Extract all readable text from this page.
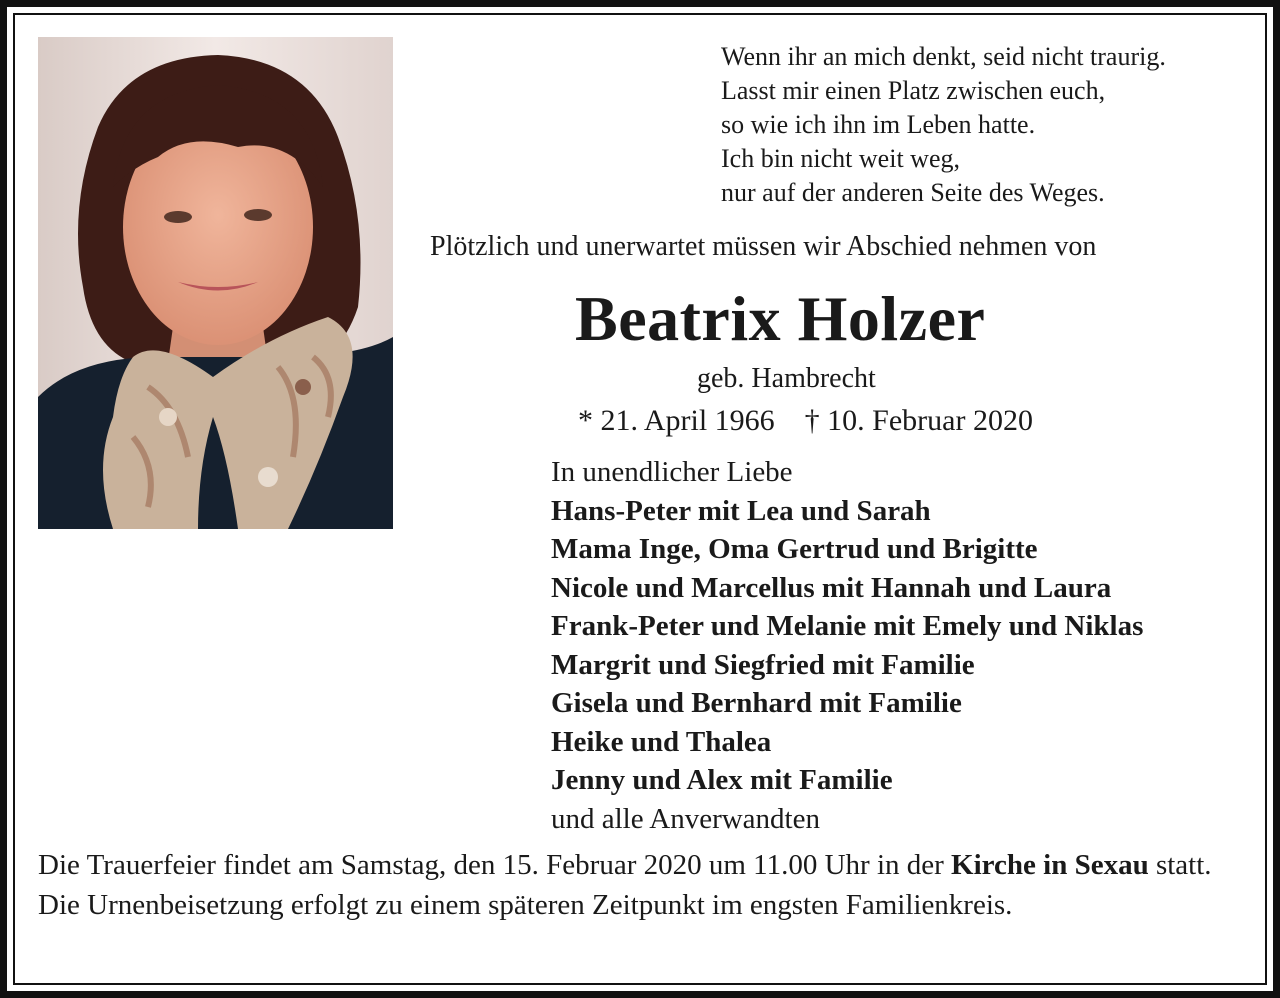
Wenn ihr an mich denkt, seid nicht traurig.
Lasst mir einen Platz zwischen euch,
so wie ich ihn im Leben hatte.
Ich bin nicht weit weg,
nur auf der anderen Seite des Weges.
Plötzlich und unerwartet müssen wir Abschied nehmen von
Beatrix Holzer
geb. Hambrecht
* 21. April 1966 † 10. Februar 2020
In unendlicher Liebe
Hans-Peter mit Lea und Sarah
Mama Inge, Oma Gertrud und Brigitte
Nicole und Marcellus mit Hannah und Laura
Frank-Peter und Melanie mit Emely und Niklas
Margrit und Siegfried mit Familie
Gisela und Bernhard mit Familie
Heike und Thalea
Jenny und Alex mit Familie
und alle Anverwandten
Die Trauerfeier findet am Samstag, den 15. Februar 2020 um 11.00 Uhr in der Kirche in Sexau statt. Die Urnenbeisetzung erfolgt zu einem späteren Zeitpunkt im engsten Familienkreis.
